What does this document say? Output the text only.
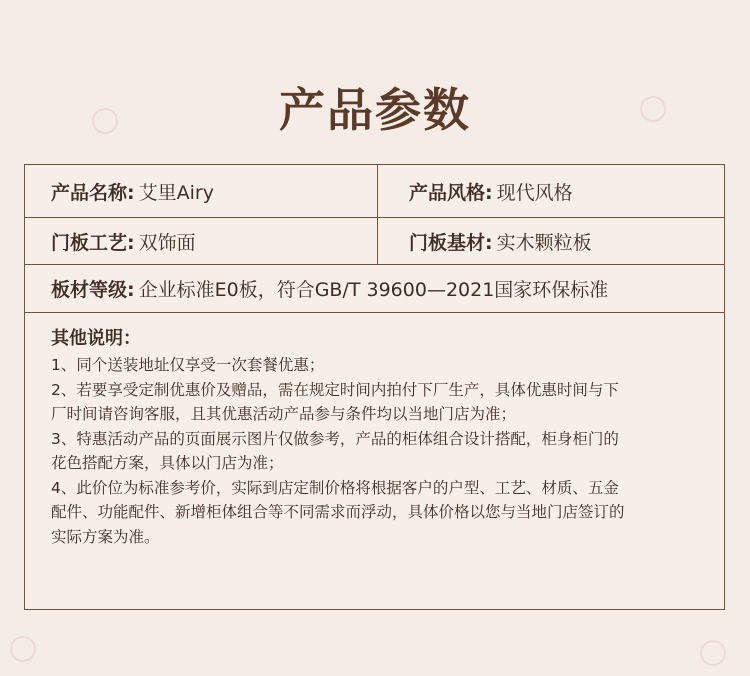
产品参数
产品名称: 艾里Airy	产品风格: 现代风格
门板工艺: 双饰面	门板基材: 实木颗粒板
板材等级: 企业标准E0板，符合GB/T 39600—2021国家环保标准
其他说明：
1、同个送装地址仅享受一次套餐优惠；
2、若要享受定制优惠价及赠品，需在规定时间内拍付下厂生产，具体优惠时间与下
厂时间请咨询客服，且其优惠活动产品参与条件均以当地门店为准；
3、特惠活动产品的页面展示图片仅做参考，产品的柜体组合设计搭配，柜身柜门的
花色搭配方案，具体以门店为准；
4、此价位为标准参考价，实际到店定制价格将根据客户的户型、工艺、材质、五金
配件、功能配件、新增柜体组合等不同需求而浮动，具体价格以您与当地门店签订的
实际方案为准。
